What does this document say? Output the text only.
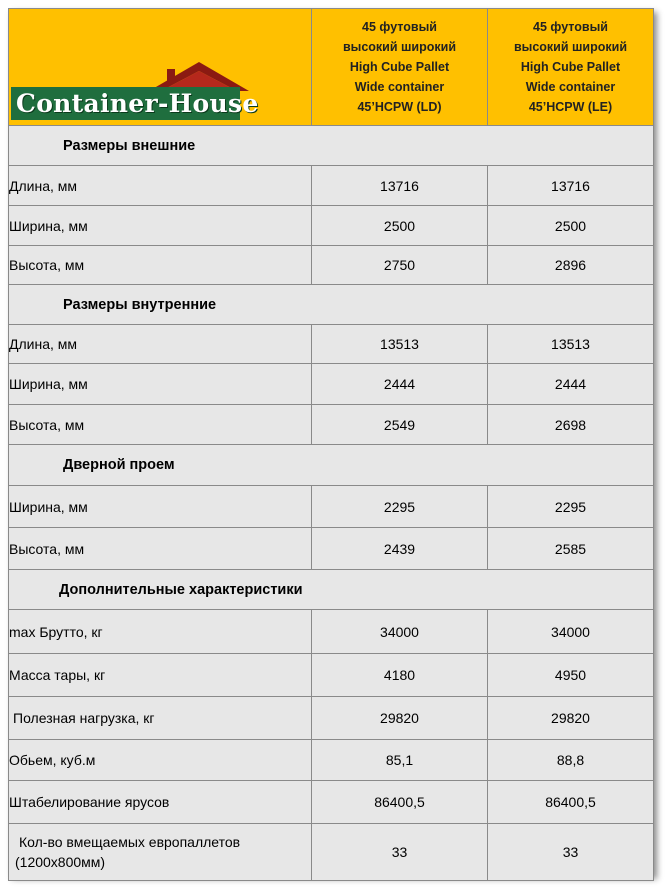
Container-House	45 футовый
высокий широкий
High Cube Pallet
Wide container
45’HCPW (LD)	45 футовый
высокий широкий
High Cube Pallet
Wide container
45’HCPW (LE)

Размеры внешние		
Длина, мм	13716	13716
Ширина, мм	2500	2500
Высота, мм	2750	2896
Размеры внутренние		
Длина, мм	13513	13513
Ширина, мм	2444	2444
Высота, мм	2549	2698
Дверной проем		
Ширина, мм	2295	2295
Высота, мм	2439	2585
Дополнительные характеристики		
max Брутто, кг	34000	34000
Масса тары, кг	4180	4950
Полезная нагрузка, кг	29820	29820
Обьем, куб.м	85,1	88,8
Штабелирование ярусов	86400,5	86400,5

Кол-во вмещаемых европаллетов
(1200х800мм)	33	33
